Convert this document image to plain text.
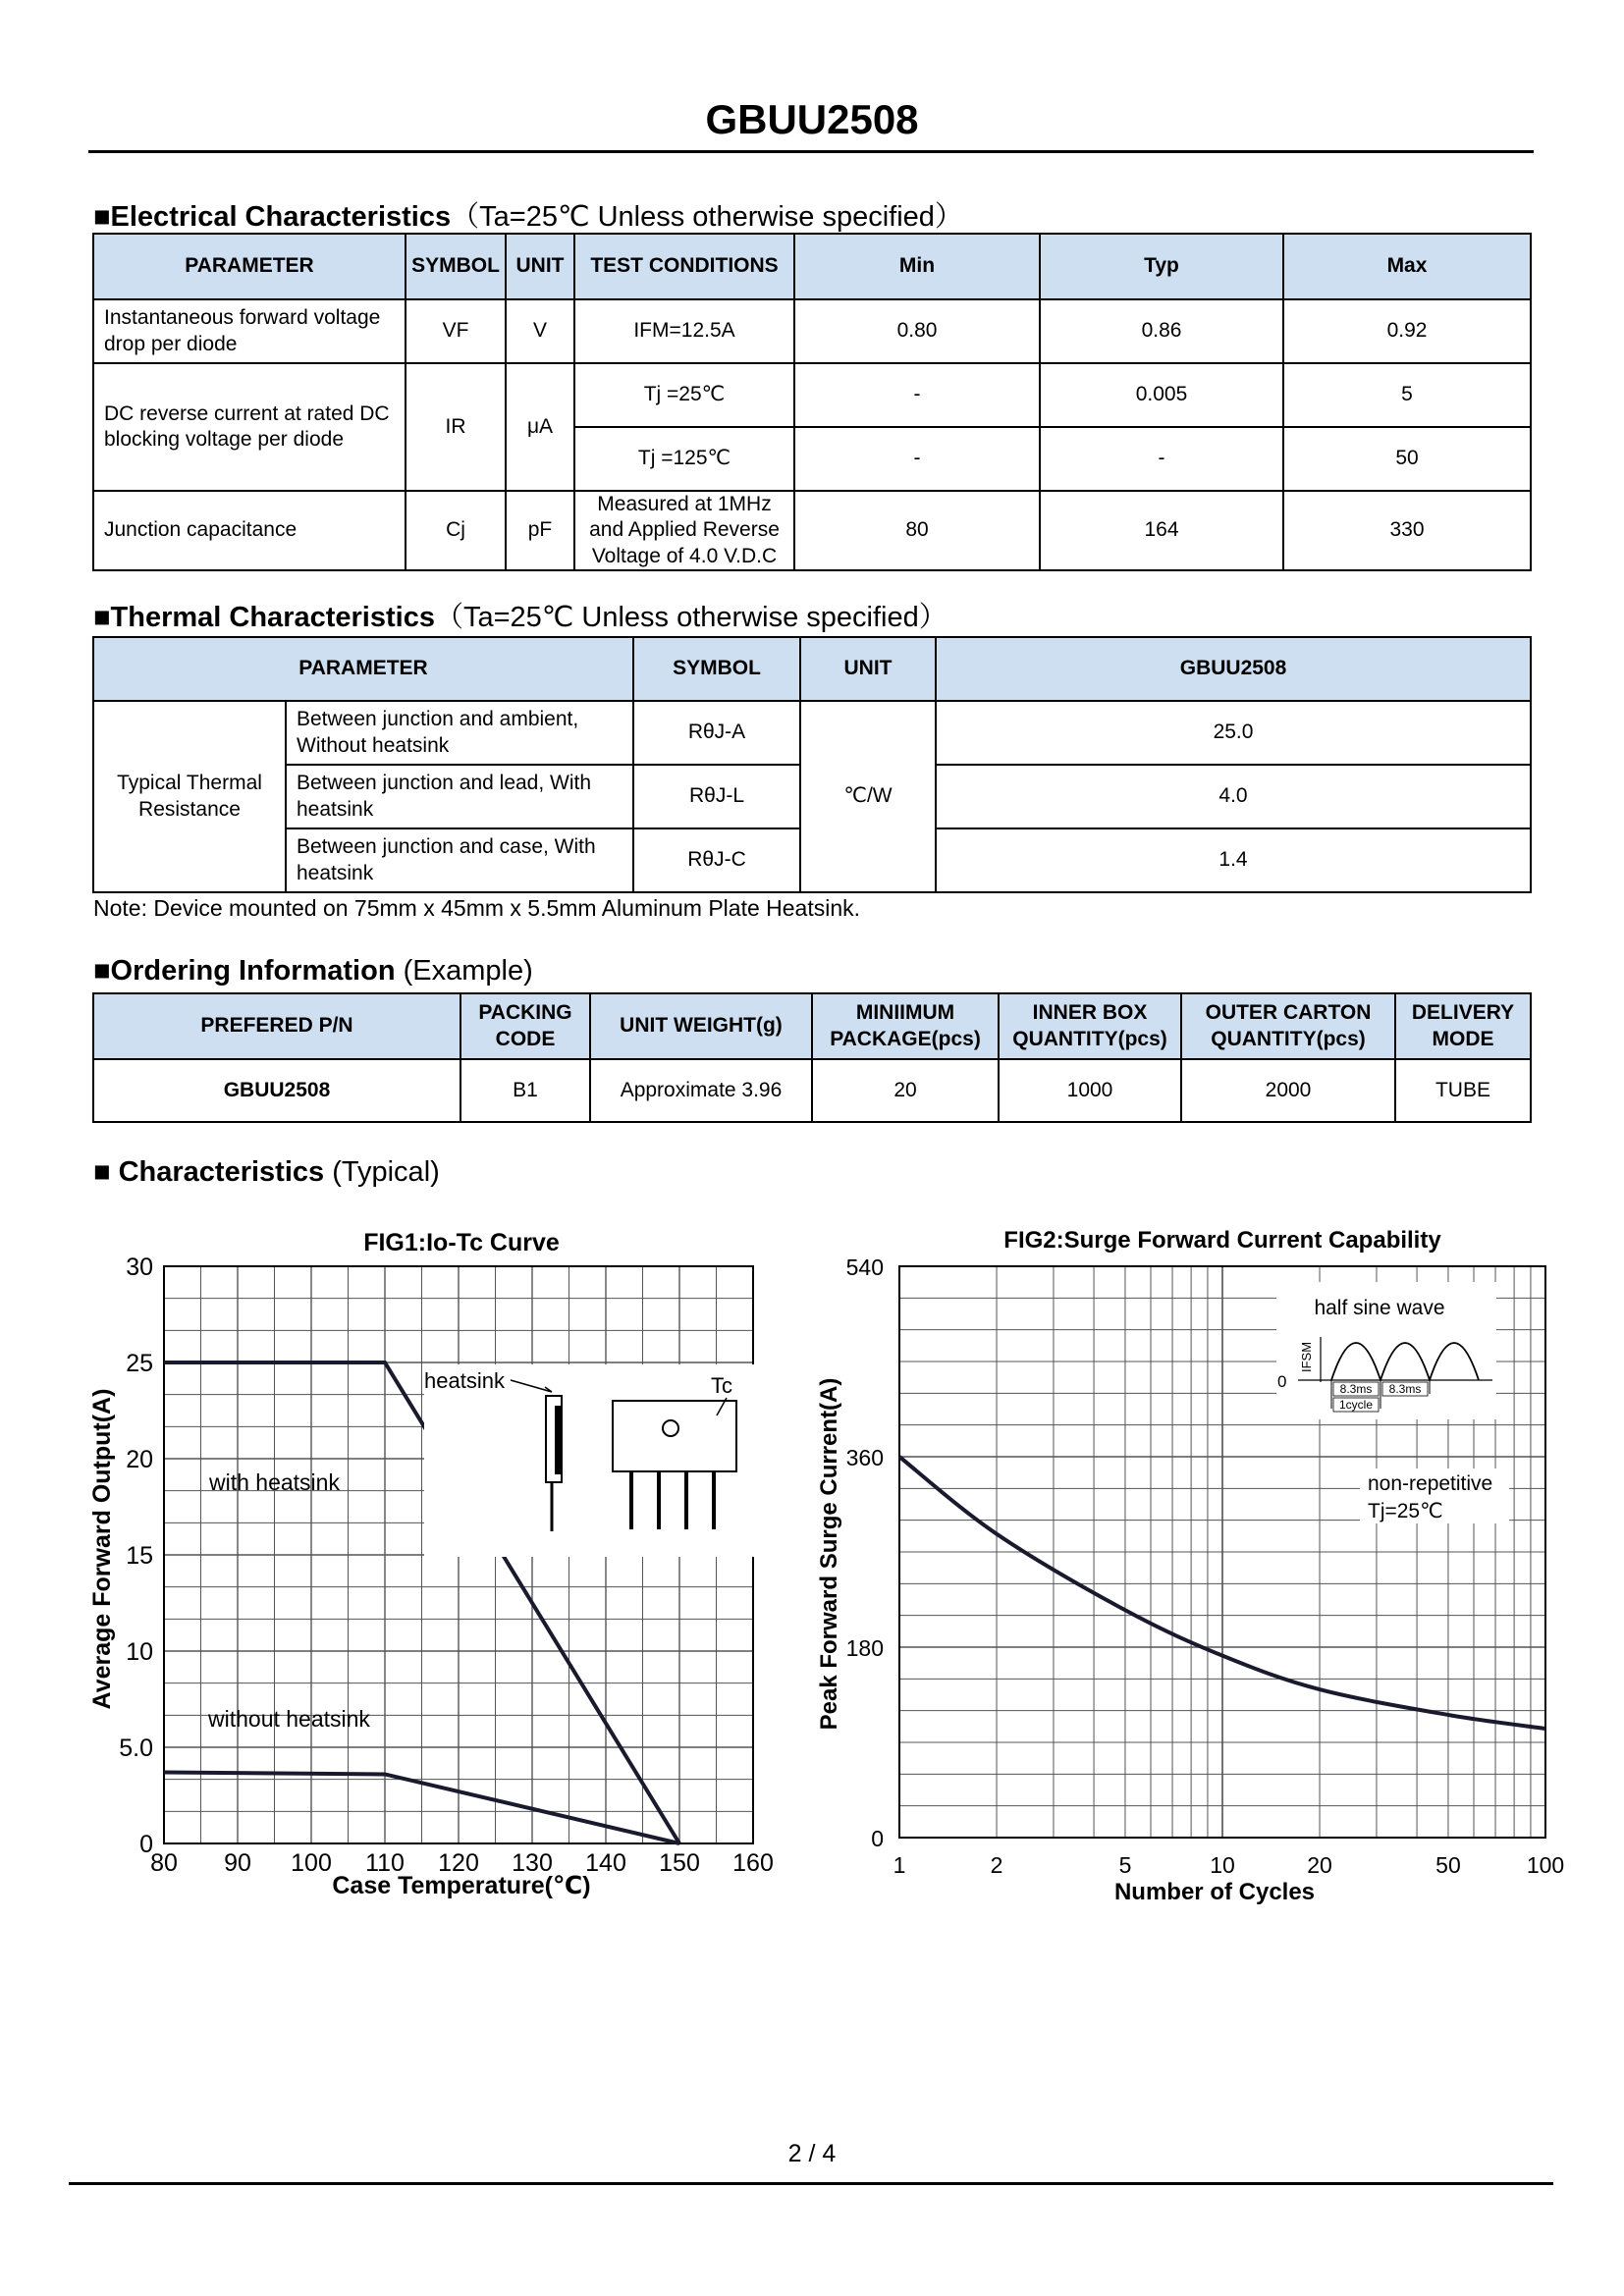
GBUU2508
■Electrical Characteristics（Ta=25℃ Unless otherwise specified）
PARAMETER	SYMBOL	UNIT	TEST CONDITIONS	Min	Typ	Max
Instantaneous forward voltage drop per diode	VF	V	IFM=12.5A	0.80	0.86	0.92
DC reverse current at rated DC blocking voltage per diode	IR	μA	Tj =25℃	-	0.005	5
			Tj =125℃	-	-	50
Junction capacitance	Cj	pF	Measured at 1MHz and Applied Reverse Voltage of 4.0 V.D.C	80	164	330
■Thermal Characteristics（Ta=25℃ Unless otherwise specified）
PARAMETER		SYMBOL	UNIT	GBUU2508
Typical Thermal Resistance	Between junction and ambient, Without heatsink	RθJ-A	℃/W	25.0
	Between junction and lead, With heatsink	RθJ-L		4.0
	Between junction and case, With heatsink	RθJ-C		1.4
Note: Device mounted on 75mm x 45mm x 5.5mm Aluminum Plate Heatsink.
■Ordering Information (Example)
PREFERED P/N	PACKING CODE	UNIT WEIGHT(g)	MINIIMUM PACKAGE(pcs)	INNER BOX QUANTITY(pcs)	OUTER CARTON QUANTITY(pcs)	DELIVERY MODE
GBUU2508	B1	Approximate 3.96	20	1000	2000	TUBE
■ Characteristics (Typical)
FIG1:Io-Tc Curve
80 90 100 110 120 130 140 150 160
0
5.0
10
15
20
25
30
Case Temperature(℃)
Average Forward Output(A)	with heatsink
without heatsink
heatsink	Tc
FIG2:Surge Forward Current Capability
1	2	5	10	20	50	100
0
180
360
540
Number of Cycles
Peak Forward Surge Current(A)
half sine wave
IFSM
0	8.3ms 8.3ms
1cycle
non-repetitive
Tj=25℃
2 / 4
